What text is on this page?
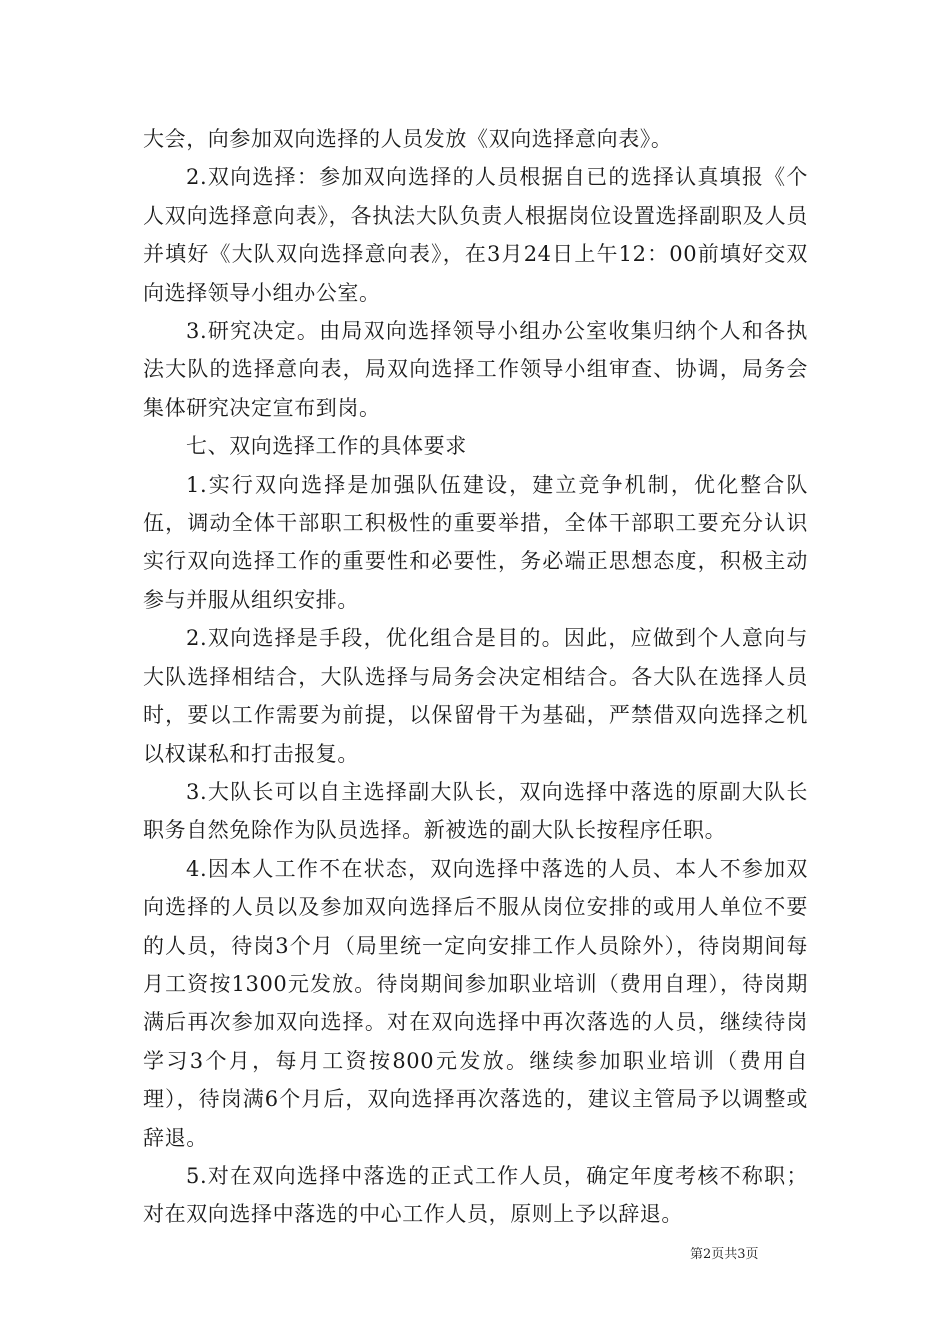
大会，向参加双向选择的人员发放《双向选择意向表》。

2.双向选择：参加双向选择的人员根据自已的选择认真填报《个人双向选择意向表》，各执法大队负责人根据岗位设置选择副职及人员并填好《大队双向选择意向表》，在3月24日上午12：00前填好交双向选择领导小组办公室。

3.研究决定。由局双向选择领导小组办公室收集归纳个人和各执法大队的选择意向表，局双向选择工作领导小组审查、协调，局务会集体研究决定宣布到岗。

七、双向选择工作的具体要求

1.实行双向选择是加强队伍建设，建立竞争机制，优化整合队伍，调动全体干部职工积极性的重要举措，全体干部职工要充分认识实行双向选择工作的重要性和必要性，务必端正思想态度，积极主动参与并服从组织安排。

2.双向选择是手段，优化组合是目的。因此，应做到个人意向与大队选择相结合，大队选择与局务会决定相结合。各大队在选择人员时，要以工作需要为前提，以保留骨干为基础，严禁借双向选择之机以权谋私和打击报复。

3.大队长可以自主选择副大队长，双向选择中落选的原副大队长职务自然免除作为队员选择。新被选的副大队长按程序任职。

4.因本人工作不在状态，双向选择中落选的人员、本人不参加双向选择的人员以及参加双向选择后不服从岗位安排的或用人单位不要的人员，待岗3个月（局里统一定向安排工作人员除外），待岗期间每月工资按1300元发放。待岗期间参加职业培训（费用自理），待岗期满后再次参加双向选择。对在双向选择中再次落选的人员，继续待岗学习3个月，每月工资按800元发放。继续参加职业培训（费用自理），待岗满6个月后，双向选择再次落选的，建议主管局予以调整或辞退。

5.对在双向选择中落选的正式工作人员，确定年度考核不称职；对在双向选择中落选的中心工作人员，原则上予以辞退。

第2页共3页
